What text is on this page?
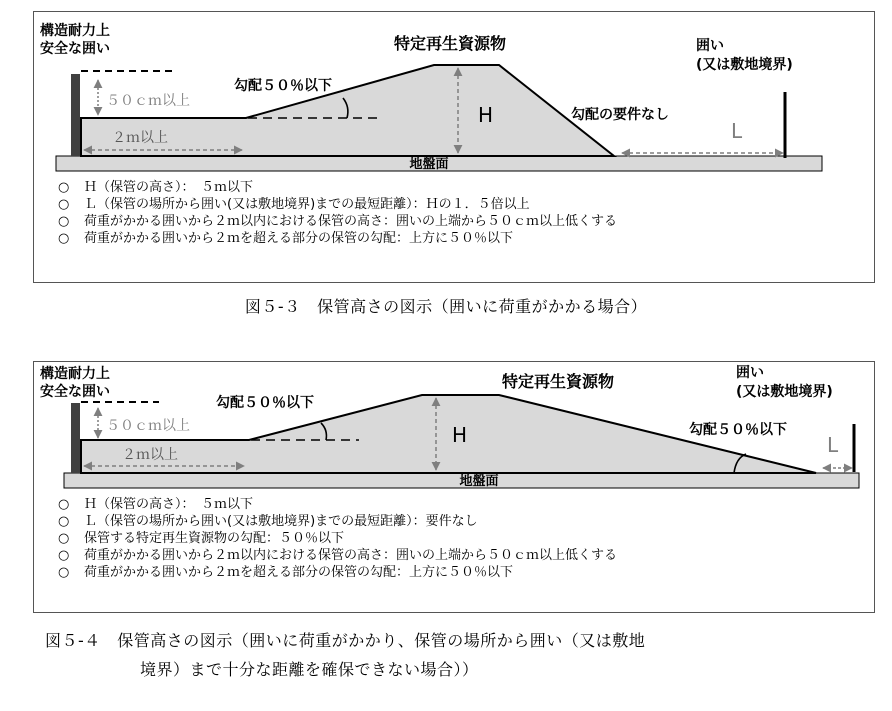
地盤面
５０ｃｍ以上
２ｍ以上
H
L
構造耐力上
安全な囲い	特定再生資源物	囲い
(又は敷地境界)
勾配５０％以下
勾配の要件なし
○	Ｈ（保管の高さ）：　５ｍ以下
○	Ｌ（保管の場所から囲い(又は敷地境界)までの最短距離）：Ｈの１．５倍以上
○	荷重がかかる囲いから２ｍ以内における保管の高さ：囲いの上端から５０ｃｍ以上低くする
○	荷重がかかる囲いから２ｍを超える部分の保管の勾配：上方に５０％以下
図５-３　保管高さの図示（囲いに荷重がかかる場合）
地盤面
５０ｃｍ以上
２ｍ以上
H	L
構造耐力上
安全な囲い
特定再生資源物	囲い
(又は敷地境界)
勾配５０％以下
勾配５０％以下
○	Ｈ（保管の高さ）：　５ｍ以下
○	Ｌ（保管の場所から囲い(又は敷地境界)までの最短距離）：要件なし
○	保管する特定再生資源物の勾配：５０％以下
○	荷重がかかる囲いから２ｍ以内における保管の高さ：囲いの上端から５０ｃｍ以上低くする
○	荷重がかかる囲いから２ｍを超える部分の保管の勾配：上方に５０％以下
図５-４　保管高さの図示（囲いに荷重がかかり、保管の場所から囲い（又は敷地
境界）まで十分な距離を確保できない場合））
